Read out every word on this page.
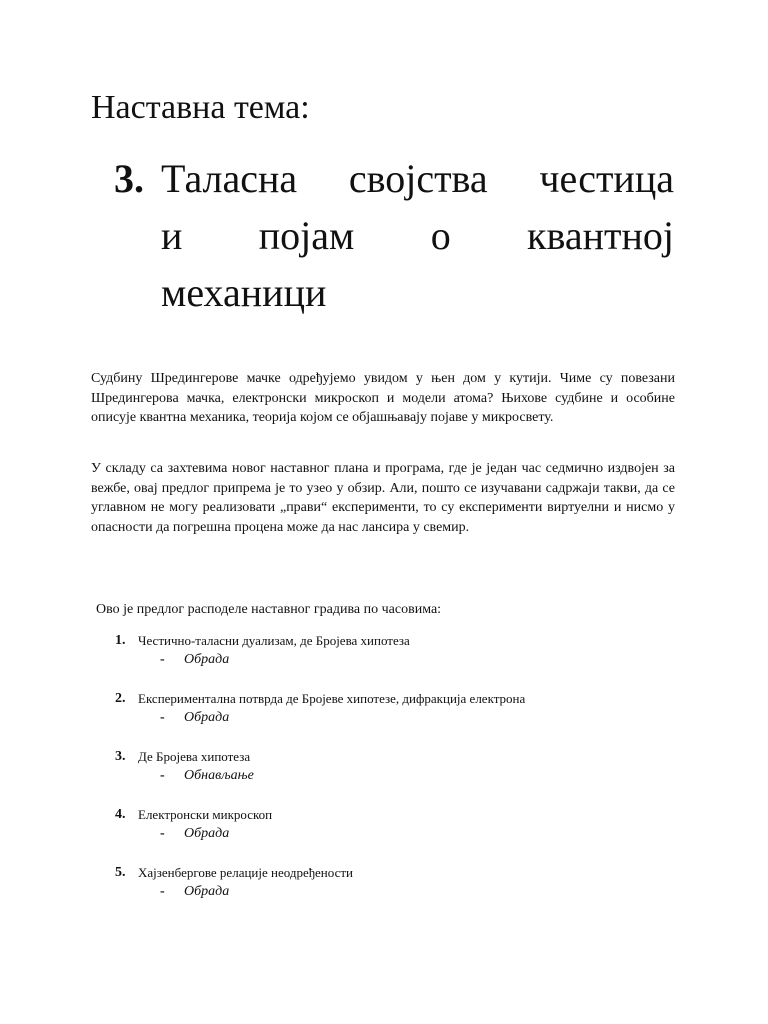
Наставна тема:
3. Таласна својства честица
и појам о квантној
механици

Судбину Шредингерове мачке одређујемо увидом у њен дом у кутији. Чиме су повезани Шредингерова мачка, електронски микроскоп и модели атома? Њихове судбине и особине описује квантна механика, теорија којом се објашњавају појаве у микросвету.

У складу са захтевима новог наставног плана и програма, где је један час седмично издвојен за вежбе, овај предлог припрема је то узео у обзир. Али, пошто се изучавани садржаји такви, да се углавном не могу реализовати „прави“ експерименти, то су експерименти виртуелни и нисмо у опасности да погрешна процена може да нас лансира у свемир.

Ово је предлог расподеле наставног градива по часовима:
1. Честично-таласни дуализам, де Бројева хипотеза
- Обрада
2. Експериментална потврда де Бројеве хипотезе, дифракција електрона
- Обрада
3. Де Бројева хипотеза
- Обнављање
4. Електронски микроскоп
- Обрада
5. Хајзенбергове релације неодређености
- Обрада
